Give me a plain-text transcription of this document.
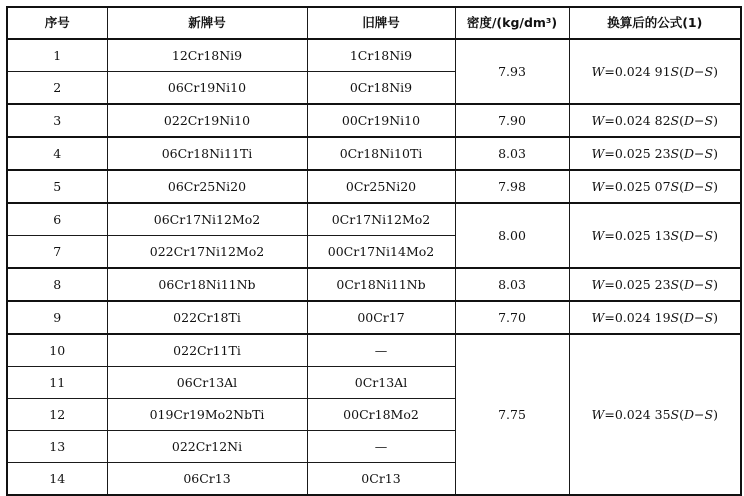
序号	新牌号	旧牌号	密度/(kg/dm³)	换算后的公式(1)
1	12Cr18Ni9	1Cr18Ni9	7.93	W=0.024 91S(D−S)
2	06Cr19Ni10	0Cr18Ni9		
3	022Cr19Ni10	00Cr19Ni10	7.90	W=0.024 82S(D−S)
4	06Cr18Ni11Ti	0Cr18Ni10Ti	8.03	W=0.025 23S(D−S)
5	06Cr25Ni20	0Cr25Ni20	7.98	W=0.025 07S(D−S)
6	06Cr17Ni12Mo2	0Cr17Ni12Mo2	8.00	W=0.025 13S(D−S)
7	022Cr17Ni12Mo2	00Cr17Ni14Mo2		
8	06Cr18Ni11Nb	0Cr18Ni11Nb	8.03	W=0.025 23S(D−S)
9	022Cr18Ti	00Cr17	7.70	W=0.024 19S(D−S)
10	022Cr11Ti	—	7.75	W=0.024 35S(D−S)
11	06Cr13Al	0Cr13Al		
12	019Cr19Mo2NbTi	00Cr18Mo2		
13	022Cr12Ni	—		
14	06Cr13	0Cr13		
